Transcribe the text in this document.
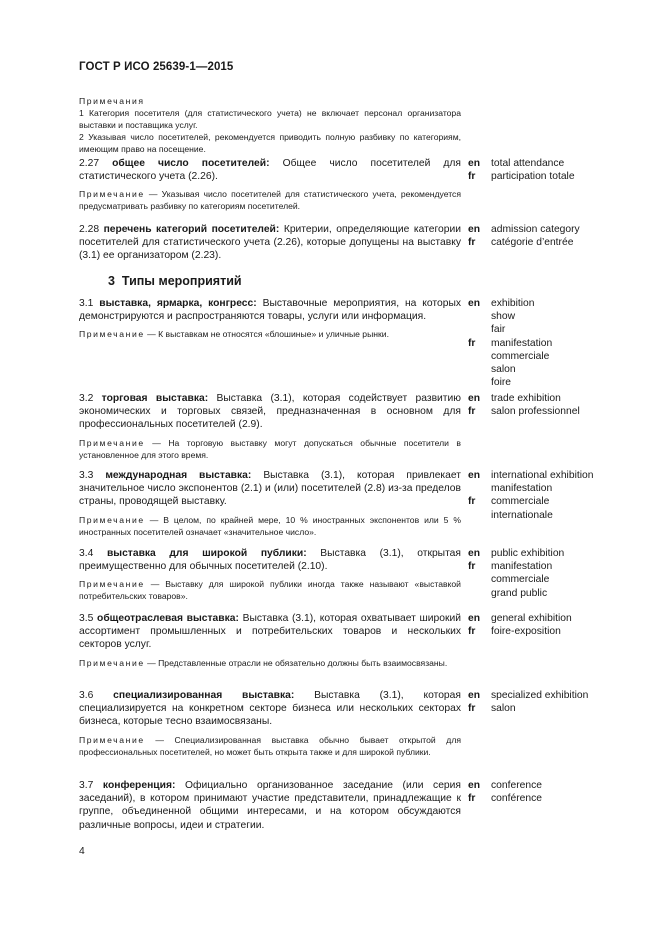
ГОСТ Р ИСО 25639-1—2015
Примечания
1 Категория посетителя (для статистического учета) не включает персонал организатора выставки и поставщика услуг.
2 Указывая число посетителей, рекомендуется приводить полную разбивку по категориям, имеющим право на посещение.
2.27 общее число посетителей: Общее число посетителей для статистического учета (2.26).
Примечание — Указывая число посетителей для статистического учета, рекомендуется предусматривать разбивку по категориям посетителей.
en	total attendance
fr	participation totale
2.28 перечень категорий посетителей: Критерии, определяющие категории посетителей для статистического учета (2.26), которые допущены на выставку (3.1) ее организатором (2.23).
en	admission category
fr	catégorie d’entrée
3 Типы мероприятий
3.1 выставка, ярмарка, конгресс: Выставочные мероприятия, на которых демонстрируются и распространяются товары, услуги или информация.
Примечание — К выставкам не относятся «блошиные» и уличные рынки.
en	exhibition
show
fair
fr	manifestation
commerciale
salon
foire
3.2 торговая выставка: Выставка (3.1), которая содействует развитию экономических и торговых связей, предназначенная в основном для профессиональных посетителей (2.9).
Примечание — На торговую выставку могут допускаться обычные посетители в установленное для этого время.
en	trade exhibition
fr	salon professionnel
3.3 международная выставка: Выставка (3.1), которая привлекает значительное число экспонентов (2.1) и (или) посетителей (2.8) из-за пределов страны, проводящей выставку.
Примечание — В целом, по крайней мере, 10 % иностранных экспонентов или 5 % иностранных посетителей означает «значительное число».
en	international exhibition
manifestation
fr	commerciale
internationale
3.4 выставка для широкой публики: Выставка (3.1), открытая преимущественно для обычных посетителей (2.10).
Примечание — Выставку для широкой публики иногда также называют «выставкой потребительских товаров».
en	public exhibition
fr	manifestation
commerciale
grand public
3.5 общеотраслевая выставка: Выставка (3.1), которая охватывает широкий ассортимент промышленных и потребительских товаров и нескольких секторов услуг.
Примечание — Представленные отрасли не обязательно должны быть взаимосвязаны.
en	general exhibition
fr	foire-exposition
3.6 специализированная выставка: Выставка (3.1), которая специализируется на конкретном секторе бизнеса или нескольких секторах бизнеса, которые тесно взаимосвязаны.
Примечание — Специализированная выставка обычно бывает открытой для профессиональных посетителей, но может быть открыта также и для широкой публики.
en	specialized exhibition
fr	salon
3.7 конференция: Официально организованное заседание (или серия заседаний), в котором принимают участие представители, принадлежащие к группе, объединенной общими интересами, и на котором обсуждаются различные вопросы, идеи и стратегии.
en	conference
fr	conférence
4
